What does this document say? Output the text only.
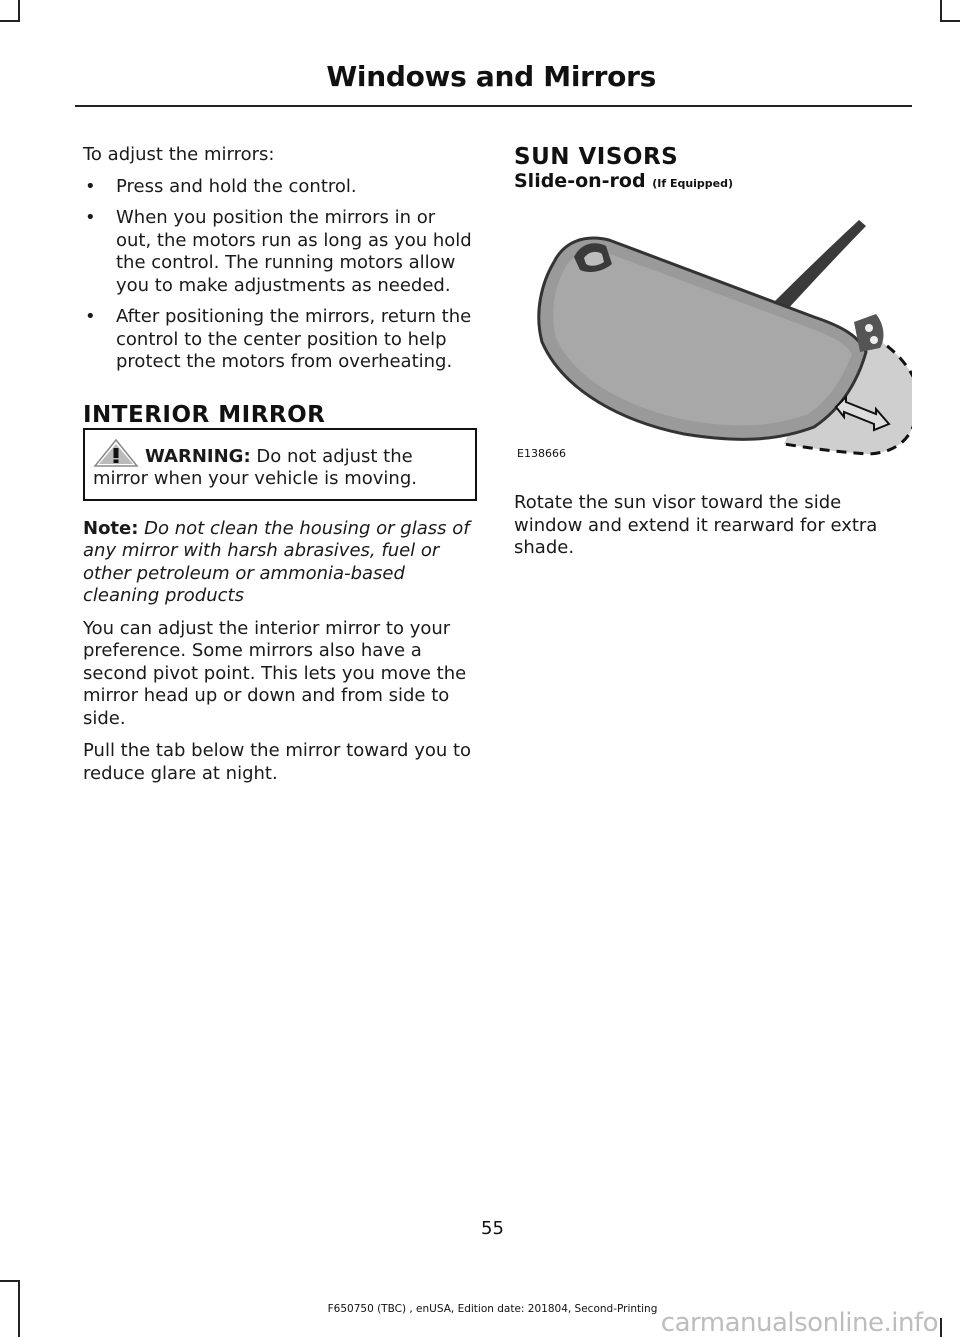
Windows and Mirrors

To adjust the mirrors:

• Press and hold the control.
• When you position the mirrors in or out, the motors run as long as you hold the control. The running motors allow you to make adjustments as needed.
• After positioning the mirrors, return the control to the center position to help protect the motors from overheating.
INTERIOR MIRROR

WARNING: Do not adjust the mirror when your vehicle is moving.

Note: Do not clean the housing or glass of any mirror with harsh abrasives, fuel or other petroleum or ammonia-based cleaning products

You can adjust the interior mirror to your preference. Some mirrors also have a second pivot point. This lets you move the mirror head up or down and from side to side.

Pull the tab below the mirror toward you to reduce glare at night.

SUN VISORS
Slide-on-rod (If Equipped)
E138666

Rotate the sun visor toward the side window and extend it rearward for extra shade.

55
F650750 (TBC) , enUSA, Edition date: 201804, Second-Printing carmanualsonline.info
